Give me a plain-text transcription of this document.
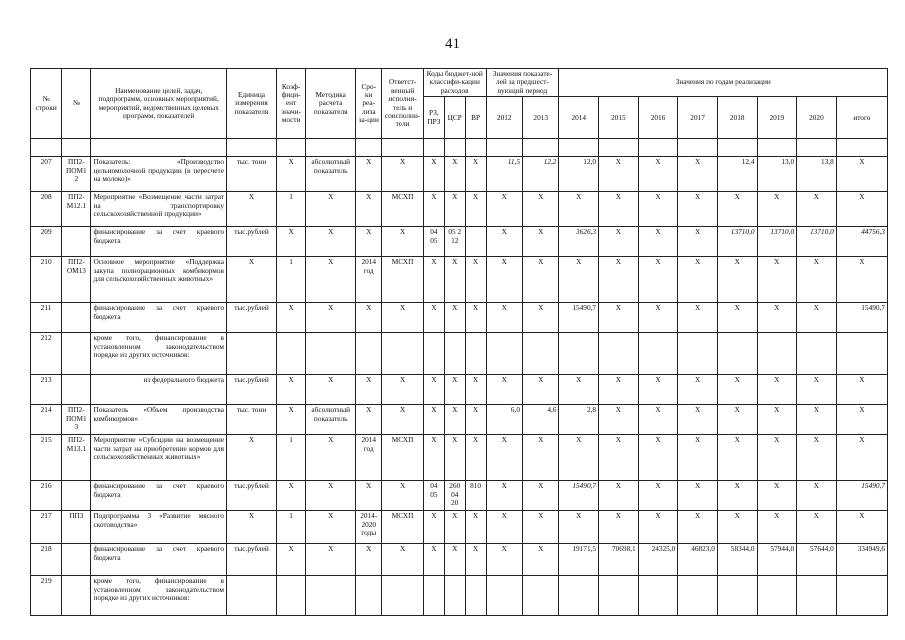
41
№ строки	№	Наименование целей, задач, подпрограмм, основных мероприятий, мероприятий, ведомственных целевых программ, показателей	Единица измерения показателя	Коэф-фици-ент значи-мости	Методика расчета показателя	Сро-ки реа-лиза за-ции	Ответст-венный исполни-тель и соисполни-тели	Коды бюджет-ной классифи-кации расходов			Значения показате-лей за предшест-вующий период		Значения по годам реализации							
								РЗ, ПРЗ	ЦСР	ВР	2012	2013	2014	2015	2016	2017	2018	2019	2020	итого

207	ПП2-ПОМ1 2	Показатель: «Производство цельномолочной продукции (в пересчете на молоко)»	тыс. тонн	X	абсолютный показатель	X	X	X	X	X	11,5	12,2	12,0	X	X	X	12,4	13,0	13,8	X
208	ПП2-М12.1	Мероприятие «Возмещение части затрат на транспортировку сельскохозяйственной продукции»	X	1	X	X	МСХП	X	X	X	X	X	X	X	X	X	X	X	X	X
209		финансирование за счет краевого бюджета	тыс.рублей	X	X	X	X	04 05	05 2 12		X	X	3626,3	X	X	X	13710,0	13710,0	13710,0	44756,3
210	ПП2-ОМ13	Основное мероприятие «Поддержка закупа полнорационных комбикормов для сельскохозяйственных животных»	X	1	X	2014 год	МСХП	X	X	X	X	X	X	X	X	X	X	X	X	X
211		финансирование за счет краевого бюджета	тыс.рублей	X	X	X	X	X	X	X	X	X	15490,7	X	X	X	X	X	X	15490,7
212		кроме того, финансирование в установленном законодательством порядке из других источников:																		
213		из федерального бюджета	тыс.рублей	X	X	X	X	X	X	X	X	X	X	X	X	X	X	X	X	X
214	ПП2-ПОМ1 3	Показатель «Объем производства комбикормов»	тыс. тонн	X	абсолютный показатель	X	X	X	X	X	6,0	4,6	2,8	X	X	X	X	X	X	X
215	ПП2-М13.1	Мероприятие «Субсидии на возмещение части затрат на приобретение кормов для сельскохозяйственных животных»	X	1	X	2014 год	МСХП	X	X	X	X	X	X	X	X	X	X	X	X	X
216		финансирование за счет краевого бюджета	тыс.рублей	X	X	X	X	04 05	260 04 20	810	X	X	15490,7	X	X	X	X	X	X	15490,7
217	ПП3	Подпрограмма 3 «Развитие мясного скотоводства»	X	1	X	2014-2020 годы	МСХП	X	X	X	X	X	X	X	X	X	X	X	X	X
218		финансирование за счет краевого бюджета	тыс.рублей	X	X	X	X	X	X	X	X	X	19171,5	70698,1	24325,0	46823,0	58344,0	57944,0	57644,0	334949,6
219		кроме того, финансирование в установленном законодательством порядке из других источников:																		
